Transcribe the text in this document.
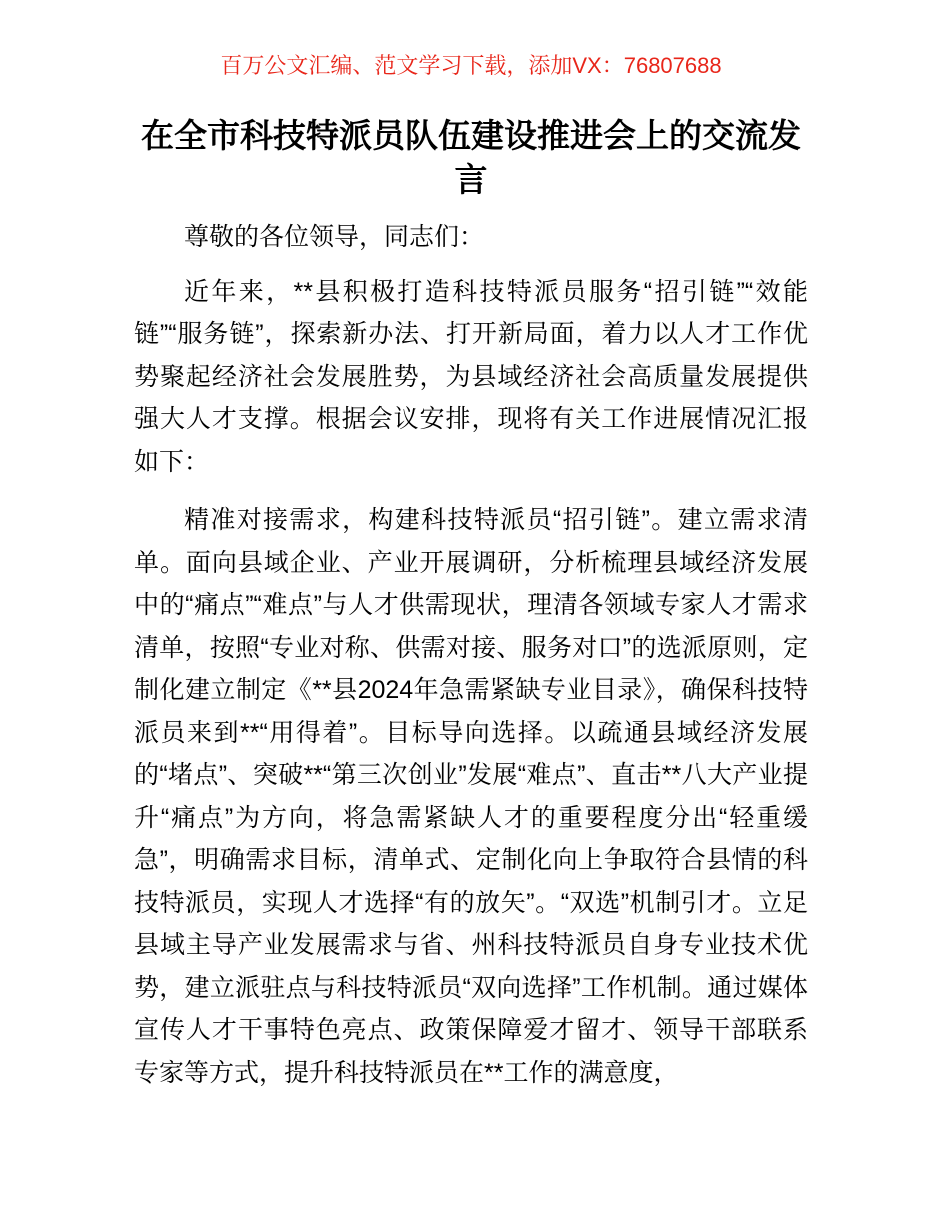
百万公文汇编、范文学习下载，添加VX：76807688

在全市科技特派员队伍建设推进会上的交流发言

尊敬的各位领导，同志们：

近年来，**县积极打造科技特派员服务“招引链”“效能链”“服务链”，探索新办法、打开新局面，着力以人才工作优势聚起经济社会发展胜势，为县域经济社会高质量发展提供强大人才支撑。根据会议安排，现将有关工作进展情况汇报如下：

精准对接需求，构建科技特派员“招引链”。建立需求清单。面向县域企业、产业开展调研，分析梳理县域经济发展中的“痛点”“难点”与人才供需现状，理清各领域专家人才需求清单，按照“专业对称、供需对接、服务对口”的选派原则，定制化建立制定《**县2024年急需紧缺专业目录》，确保科技特派员来到**“用得着”。目标导向选择。以疏通县域经济发展的“堵点”、突破**“第三次创业”发展“难点”、直击**八大产业提升“痛点”为方向，将急需紧缺人才的重要程度分出“轻重缓急”，明确需求目标，清单式、定制化向上争取符合县情的科技特派员，实现人才选择“有的放矢”。“双选”机制引才。立足县域主导产业发展需求与省、州科技特派员自身专业技术优势，建立派驻点与科技特派员“双向选择”工作机制。通过媒体宣传人才干事特色亮点、政策保障爱才留才、领导干部联系专家等方式，提升科技特派员在**工作的满意度，
